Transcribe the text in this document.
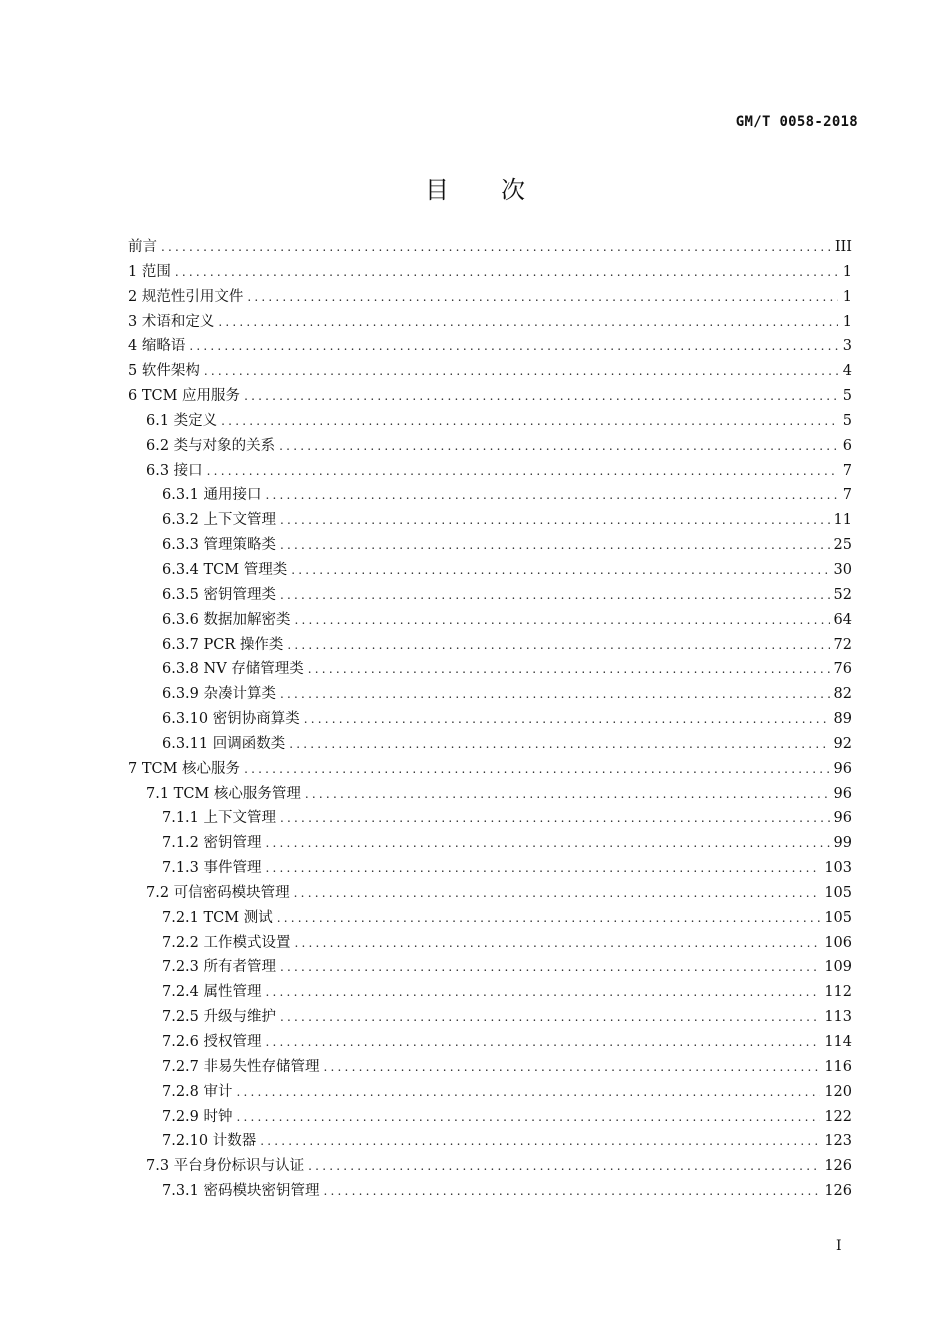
GM/T 0058-2018
目次
前言 .....	III
1 范围 .....	1
2 规范性引用文件 .....	1
3 术语和定义 .....	1
4 缩略语 .....	3
5 软件架构 .....	4
6 TCM 应用服务 .....	5
6.1 类定义 .....	5
6.2 类与对象的关系 .....	6
6.3 接口 .....	7
6.3.1 通用接口 .....	7
6.3.2 上下文管理 .....	11
6.3.3 管理策略类 .....	25
6.3.4 TCM 管理类 .....	30
6.3.5 密钥管理类 .....	52
6.3.6 数据加解密类 .....	64
6.3.7 PCR 操作类 .....	72
6.3.8 NV 存储管理类 .....	76
6.3.9 杂凑计算类 .....	82
6.3.10 密钥协商算类 .....	89
6.3.11 回调函数类 .....	92
7 TCM 核心服务 .....	96
7.1 TCM 核心服务管理 .....	96
7.1.1 上下文管理 .....	96
7.1.2 密钥管理 .....	99
7.1.3 事件管理 .....	103
7.2 可信密码模块管理 .....	105
7.2.1 TCM 测试 .....	105
7.2.2 工作模式设置 .....	106
7.2.3 所有者管理 .....	109
7.2.4 属性管理 .....	112
7.2.5 升级与维护 .....	113
7.2.6 授权管理 .....	114
7.2.7 非易失性存储管理 .....	116
7.2.8 审计 .....	120
7.2.9 时钟 .....	122
7.2.10 计数器 .....	123
7.3 平台身份标识与认证 .....	126
7.3.1 密码模块密钥管理 .....	126
I
